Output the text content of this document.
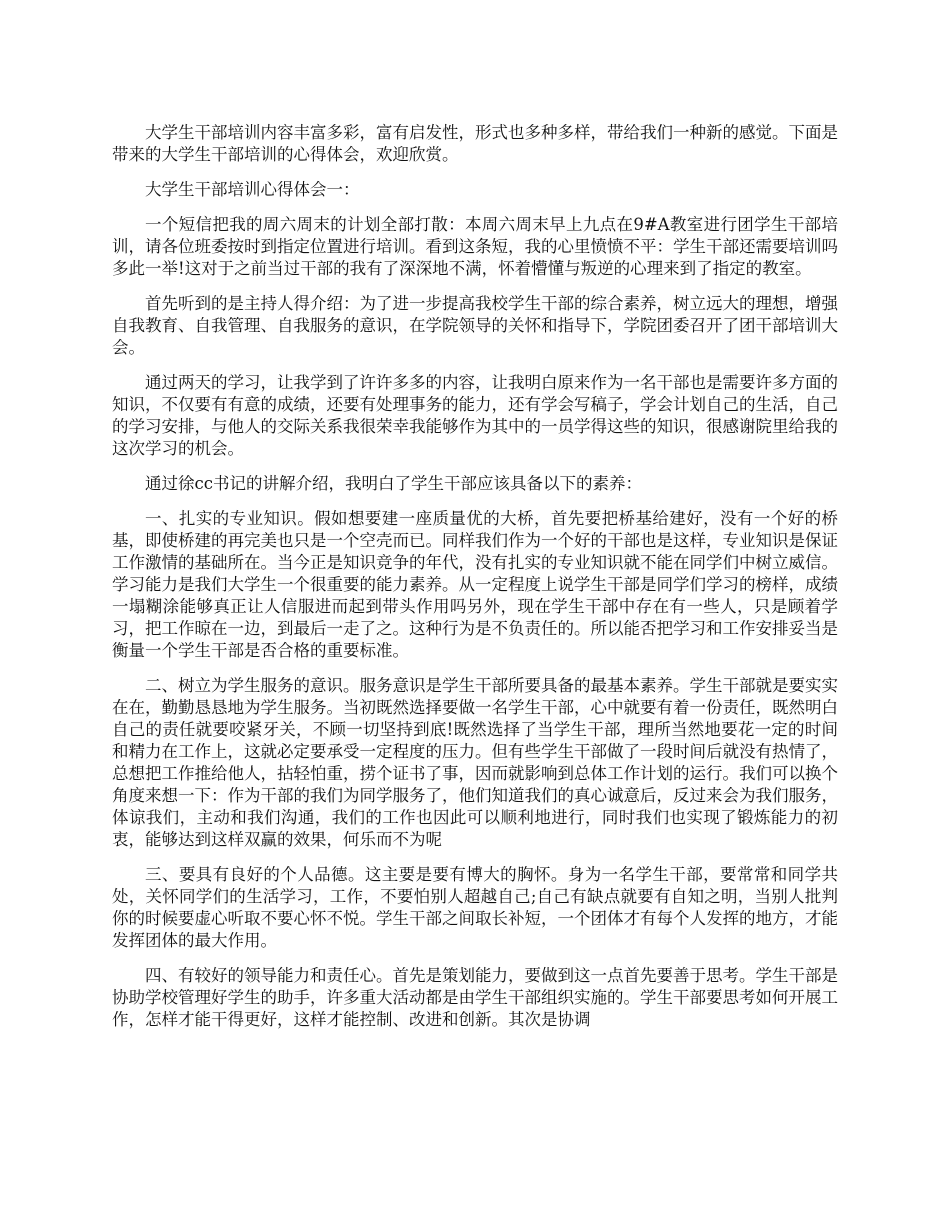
大学生干部培训内容丰富多彩，富有启发性，形式也多种多样，带给我们一种新的感觉。下面是带来的大学生干部培训的心得体会，欢迎欣赏。

大学生干部培训心得体会一：

一个短信把我的周六周末的计划全部打散：本周六周末早上九点在9#A教室进行团学生干部培训，请各位班委按时到指定位置进行培训。看到这条短，我的心里愤愤不平：学生干部还需要培训吗多此一举!这对于之前当过干部的我有了深深地不满，怀着懵懂与叛逆的心理来到了指定的教室。

首先听到的是主持人得介绍：为了进一步提高我校学生干部的综合素养，树立远大的理想，增强自我教育、自我管理、自我服务的意识，在学院领导的关怀和指导下，学院团委召开了团干部培训大会。

通过两天的学习，让我学到了许许多多的内容，让我明白原来作为一名干部也是需要许多方面的知识，不仅要有有意的成绩，还要有处理事务的能力，还有学会写稿子，学会计划自己的生活，自己的学习安排，与他人的交际关系我很荣幸我能够作为其中的一员学得这些的知识，很感谢院里给我的这次学习的机会。

通过徐cc书记的讲解介绍，我明白了学生干部应该具备以下的素养：

一、扎实的专业知识。假如想要建一座质量优的大桥，首先要把桥基给建好，没有一个好的桥基，即使桥建的再完美也只是一个空壳而已。同样我们作为一个好的干部也是这样，专业知识是保证工作激情的基础所在。当今正是知识竞争的年代，没有扎实的专业知识就不能在同学们中树立威信。学习能力是我们大学生一个很重要的能力素养。从一定程度上说学生干部是同学们学习的榜样，成绩一塌糊涂能够真正让人信服进而起到带头作用吗另外，现在学生干部中存在有一些人，只是顾着学习，把工作晾在一边，到最后一走了之。这种行为是不负责任的。所以能否把学习和工作安排妥当是衡量一个学生干部是否合格的重要标准。

二、树立为学生服务的意识。服务意识是学生干部所要具备的最基本素养。学生干部就是要实实在在，勤勤恳恳地为学生服务。当初既然选择要做一名学生干部，心中就要有着一份责任，既然明白自己的责任就要咬紧牙关，不顾一切坚持到底!既然选择了当学生干部，理所当然地要花一定的时间和精力在工作上，这就必定要承受一定程度的压力。但有些学生干部做了一段时间后就没有热情了，总想把工作推给他人，拈轻怕重，捞个证书了事，因而就影响到总体工作计划的运行。我们可以换个角度来想一下：作为干部的我们为同学服务了，他们知道我们的真心诚意后，反过来会为我们服务，体谅我们，主动和我们沟通，我们的工作也因此可以顺利地进行，同时我们也实现了锻炼能力的初衷，能够达到这样双赢的效果，何乐而不为呢

三、要具有良好的个人品德。这主要是要有博大的胸怀。身为一名学生干部，要常常和同学共处，关怀同学们的生活学习，工作，不要怕别人超越自己;自己有缺点就要有自知之明，当别人批判你的时候要虚心听取不要心怀不悦。学生干部之间取长补短，一个团体才有每个人发挥的地方，才能发挥团体的最大作用。

四、有较好的领导能力和责任心。首先是策划能力，要做到这一点首先要善于思考。学生干部是协助学校管理好学生的助手，许多重大活动都是由学生干部组织实施的。学生干部要思考如何开展工作，怎样才能干得更好，这样才能控制、改进和创新。其次是协调
